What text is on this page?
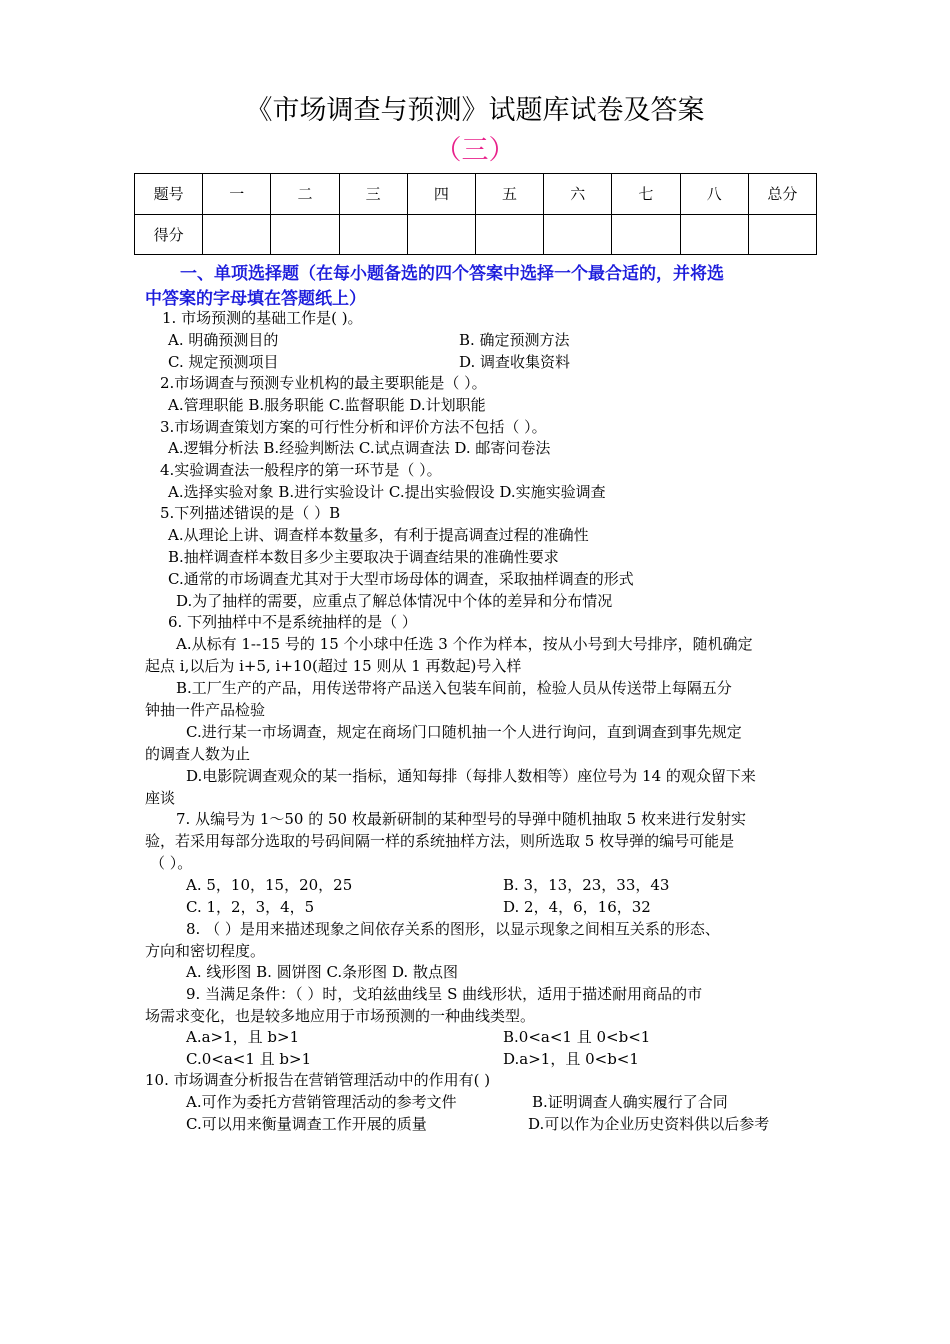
《市场调查与预测》试题库试卷及答案
（三）
题号	一	二	三	四	五	六	七	八	总分
得分									
一、单项选择题（在每小题备选的四个答案中选择一个最合适的，并将选
中答案的字母填在答题纸上）
1. 市场预测的基础工作是( )。
A. 明确预测目的	B. 确定预测方法
C. 规定预测项目	D. 调查收集资料
2.市场调查与预测专业机构的最主要职能是（ ）。
A.管理职能 B.服务职能 C.监督职能 D.计划职能
3.市场调查策划方案的可行性分析和评价方法不包括（ ）。
A.逻辑分析法 B.经验判断法 C.试点调查法 D. 邮寄问卷法
4.实验调查法一般程序的第一环节是（ ）。
A.选择实验对象 B.进行实验设计 C.提出实验假设 D.实施实验调查
5.下列描述错误的是（ ）B
A.从理论上讲、调查样本数量多，有利于提高调查过程的准确性
B.抽样调查样本数目多少主要取决于调查结果的准确性要求
C.通常的市场调查尤其对于大型市场母体的调查，采取抽样调查的形式
D.为了抽样的需要，应重点了解总体情况中个体的差异和分布情况
6. 下列抽样中不是系统抽样的是（ ）
A.从标有 1--15 号的 15 个小球中任选 3 个作为样本，按从小号到大号排序，随机确定
起点 i,以后为 i+5, i+10(超过 15 则从 1 再数起)号入样
B.工厂生产的产品，用传送带将产品送入包装车间前，检验人员从传送带上每隔五分
钟抽一件产品检验
C.进行某一市场调查，规定在商场门口随机抽一个人进行询问，直到调查到事先规定
的调查人数为止
D.电影院调查观众的某一指标，通知每排（每排人数相等）座位号为 14 的观众留下来
座谈
7. 从编号为 1～50 的 50 枚最新研制的某种型号的导弹中随机抽取 5 枚来进行发射实
验，若采用每部分选取的号码间隔一样的系统抽样方法，则所选取 5 枚导弹的编号可能是
（ ）。
A. 5，10，15，20，25	B. 3，13，23，33，43
C. 1，2，3，4，5	D. 2，4，6，16，32
8. （ ）是用来描述现象之间依存关系的图形，以显示现象之间相互关系的形态、
方向和密切程度。
A. 线形图 B. 圆饼图 C.条形图 D. 散点图
9. 当满足条件：（ ）时，戈珀兹曲线呈 S 曲线形状，适用于描述耐用商品的市
场需求变化，也是较多地应用于市场预测的一种曲线类型。
A.a>1，且 b>1	B.0<a<1 且 0<b<1
C.0<a<1 且 b>1	D.a>1，且 0<b<1
10. 市场调查分析报告在营销管理活动中的作用有( )
A.可作为委托方营销管理活动的参考文件	B.证明调查人确实履行了合同
C.可以用来衡量调查工作开展的质量	D.可以作为企业历史资料供以后参考
